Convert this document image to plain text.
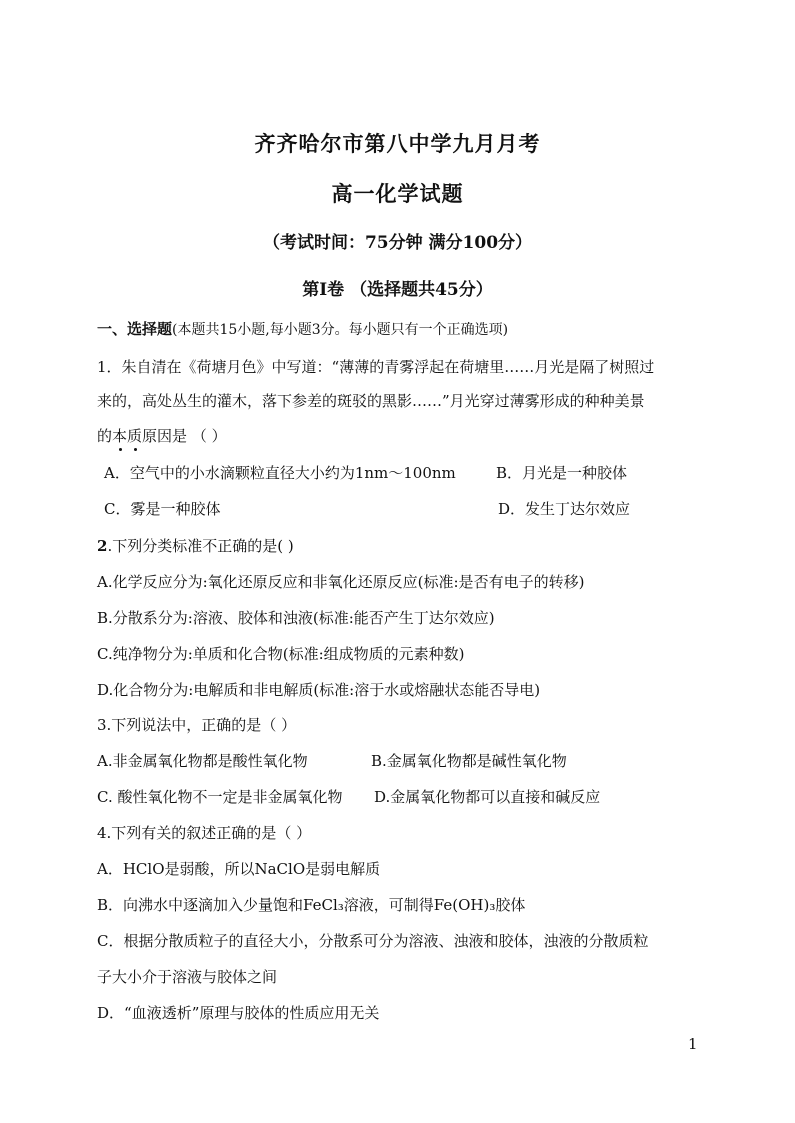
齐齐哈尔市第八中学九月月考
高一化学试题
（考试时间：75分钟 满分100分）
第Ⅰ卷 （选择题共45分）
一、选择题(本题共15小题,每小题3分。每小题只有一个正确选项)
1．朱自清在《荷塘月色》中写道：“薄薄的青雾浮起在荷塘里……月光是隔了树照过
来的，高处丛生的灌木，落下参差的斑驳的黑影……”月光穿过薄雾形成的种种美景
的本质原因是 （ ）
A．空气中的小水滴颗粒直径大小约为1nm～100nm	B．月光是一种胶体
C．雾是一种胶体	D．发生丁达尔效应
2.下列分类标准不正确的是( )
A.化学反应分为:氧化还原反应和非氧化还原反应(标准:是否有电子的转移)
B.分散系分为:溶液、胶体和浊液(标准:能否产生丁达尔效应)
C.纯净物分为:单质和化合物(标准:组成物质的元素种数)
D.化合物分为:电解质和非电解质(标准:溶于水或熔融状态能否导电)
3.下列说法中，正确的是（ ）
A.非金属氧化物都是酸性氧化物	B.金属氧化物都是碱性氧化物
C. 酸性氧化物不一定是非金属氧化物	D.金属氧化物都可以直接和碱反应
4.下列有关的叙述正确的是（ ）
A．HClO是弱酸，所以NaClO是弱电解质
B．向沸水中逐滴加入少量饱和FeCl₃溶液，可制得Fe(OH)₃胶体
C．根据分散质粒子的直径大小，分散系可分为溶液、浊液和胶体，浊液的分散质粒
子大小介于溶液与胶体之间
D．“血液透析”原理与胶体的性质应用无关
1
